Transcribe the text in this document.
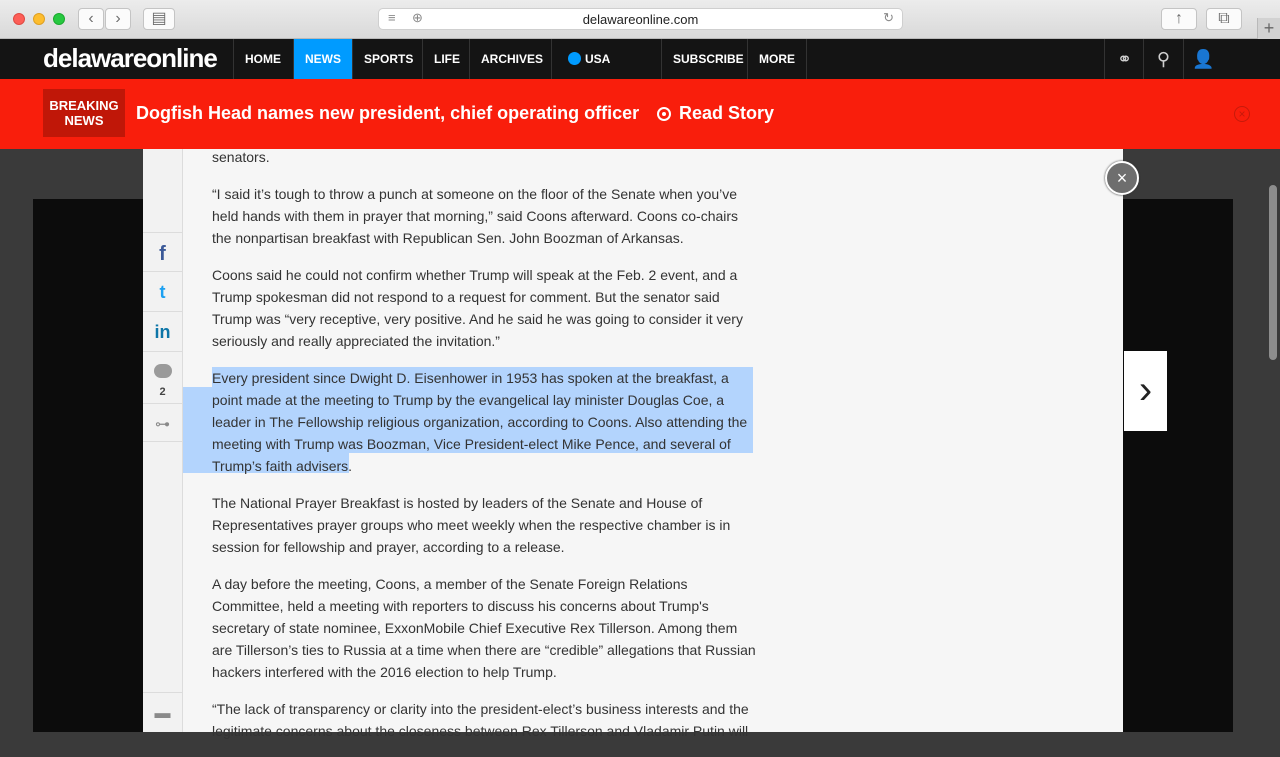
‹	›	▤	≡ ⊕	delawareonline.com	↻	↑	⧉	+
delawareonline	HOME	NEWS	SPORTS	LIFE	ARCHIVES	USA	SUBSCRIBE	MORE	⚭	⚲	👤
BREAKING
NEWS	Dogfish Head names new president, chief operating officer	Read Story	×
f
t
in
2
⊶
▬

senators.

“I said it’s tough to throw a punch at someone on the floor of the Senate when you’ve held hands with them in prayer that morning,” said Coons afterward. Coons co-chairs the nonpartisan breakfast with Republican Sen. John Boozman of Arkansas.

Coons said he could not confirm whether Trump will speak at the Feb. 2 event, and a Trump spokesman did not respond to a request for comment. But the senator said Trump was “very receptive, very positive. And he said he was going to consider it very seriously and really appreciated the invitation.”

Every president since Dwight D. Eisenhower in 1953 has spoken at the breakfast, a point made at the meeting to Trump by the evangelical lay minister Douglas Coe, a leader in The Fellowship religious organization, according to Coons. Also attending the meeting with Trump was Boozman, Vice President-elect Mike Pence, and several of Trump’s faith advisers.

The National Prayer Breakfast is hosted by leaders of the Senate and House of Representatives prayer groups who meet weekly when the respective chamber is in session for fellowship and prayer, according to a release.

A day before the meeting, Coons, a member of the Senate Foreign Relations Committee, held a meeting with reporters to discuss his concerns about Trump's secretary of state nominee, ExxonMobile Chief Executive Rex Tillerson. Among them are Tillerson’s ties to Russia at a time when there are “credible” allegations that Russian hackers interfered with the 2016 election to help Trump.

“The lack of transparency or clarity into the president-elect’s business interests and the legitimate concerns about the closeness between Rex Tillerson and Vladamir Putin will

×
›
